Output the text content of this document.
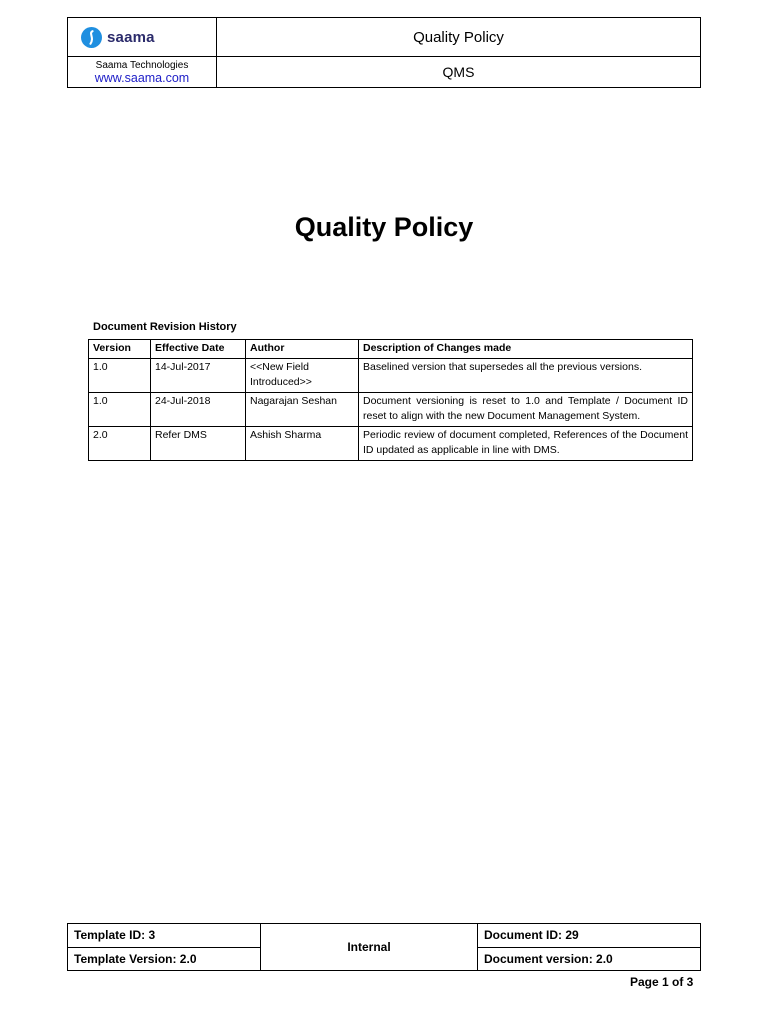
saama
Saama Technologies
www.saama.com
Quality Policy
QMS
Quality Policy
Document Revision History
Version	Effective Date	Author	Description of Changes made
1.0	14-Jul-2017	<<New Field Introduced>>	Baselined version that supersedes all the previous versions.
1.0	24-Jul-2018	Nagarajan Seshan	Document versioning is reset to 1.0 and Template / Document ID reset to align with the new Document Management System.
2.0	Refer DMS	Ashish Sharma	Periodic review of document completed, References of the Document ID updated as applicable in line with DMS.
Template ID: 3
Template Version: 2.0
Internal
Document ID: 29
Document version: 2.0
Page 1 of 3
